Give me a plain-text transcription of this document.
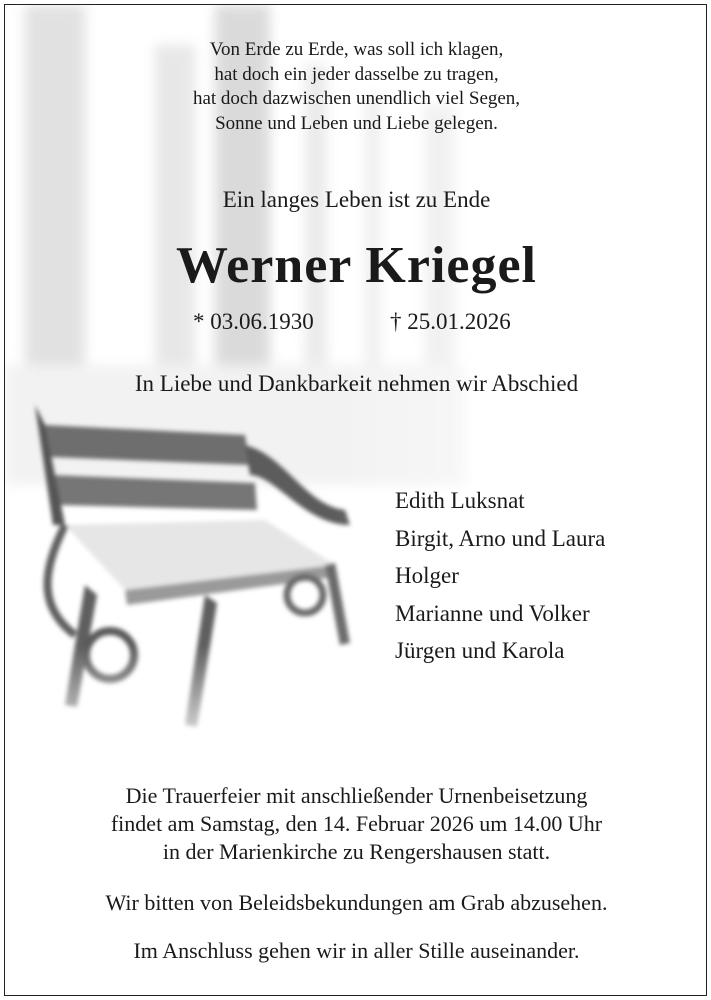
Von Erde zu Erde, was soll ich klagen,
hat doch ein jeder dasselbe zu tragen,
hat doch dazwischen unendlich viel Segen,
Sonne und Leben und Liebe gelegen.
Ein langes Leben ist zu Ende
Werner Kriegel
* 03.06.1930	† 25.01.2026
In Liebe und Dankbarkeit nehmen wir Abschied
Edith Luksnat
Birgit, Arno und Laura
Holger
Marianne und Volker
Jürgen und Karola
Die Trauerfeier mit anschließender Urnenbeisetzung
findet am Samstag, den 14. Februar 2026 um 14.00 Uhr
in der Marienkirche zu Rengershausen statt.
Wir bitten von Beleidsbekundungen am Grab abzusehen.
Im Anschluss gehen wir in aller Stille auseinander.
